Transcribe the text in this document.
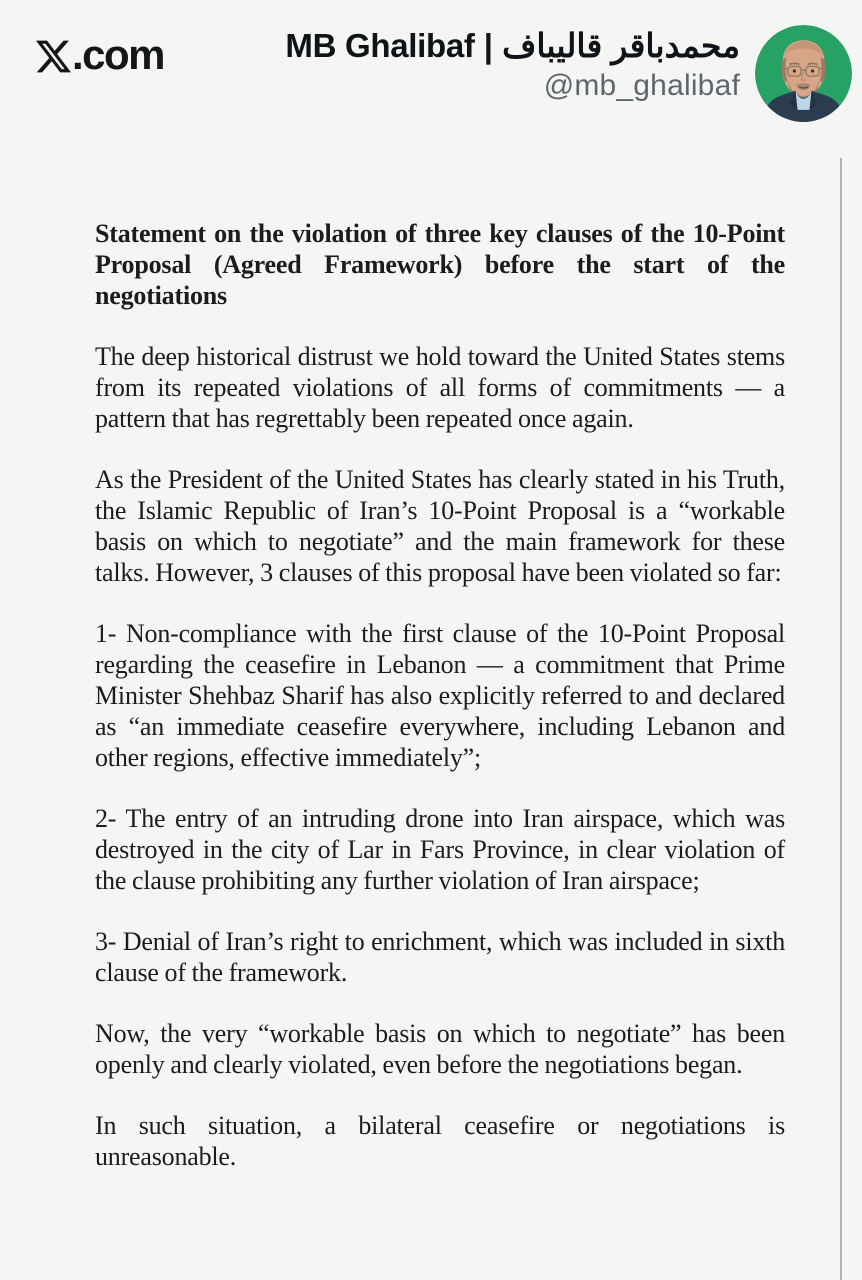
.com	محمدباقر قالیباف | MB Ghalibaf
@mb_ghalibaf
Statement on the violation of three key clauses of the 10-Point Proposal (Agreed Framework) before the start of the negotiations

The deep historical distrust we hold toward the United States stems from its repeated violations of all forms of commitments — a pattern that has regrettably been repeated once again.

As the President of the United States has clearly stated in his Truth, the Islamic Republic of Iran’s 10-Point Proposal is a “workable basis on which to negotiate” and the main framework for these talks. However, 3 clauses of this proposal have been violated so far:

1- Non-compliance with the first clause of the 10-Point Proposal regarding the ceasefire in Lebanon — a commitment that Prime Minister Shehbaz Sharif has also explicitly referred to and declared as “an immediate ceasefire everywhere, including Lebanon and other regions, effective immediately”;

2- The entry of an intruding drone into Iran airspace, which was destroyed in the city of Lar in Fars Province, in clear violation of the clause prohibiting any further violation of Iran airspace;

3- Denial of Iran’s right to enrichment, which was included in sixth clause of the framework.

Now, the very “workable basis on which to negotiate” has been openly and clearly violated, even before the negotiations began.

In such situation, a bilateral ceasefire or negotiations is unreasonable.
